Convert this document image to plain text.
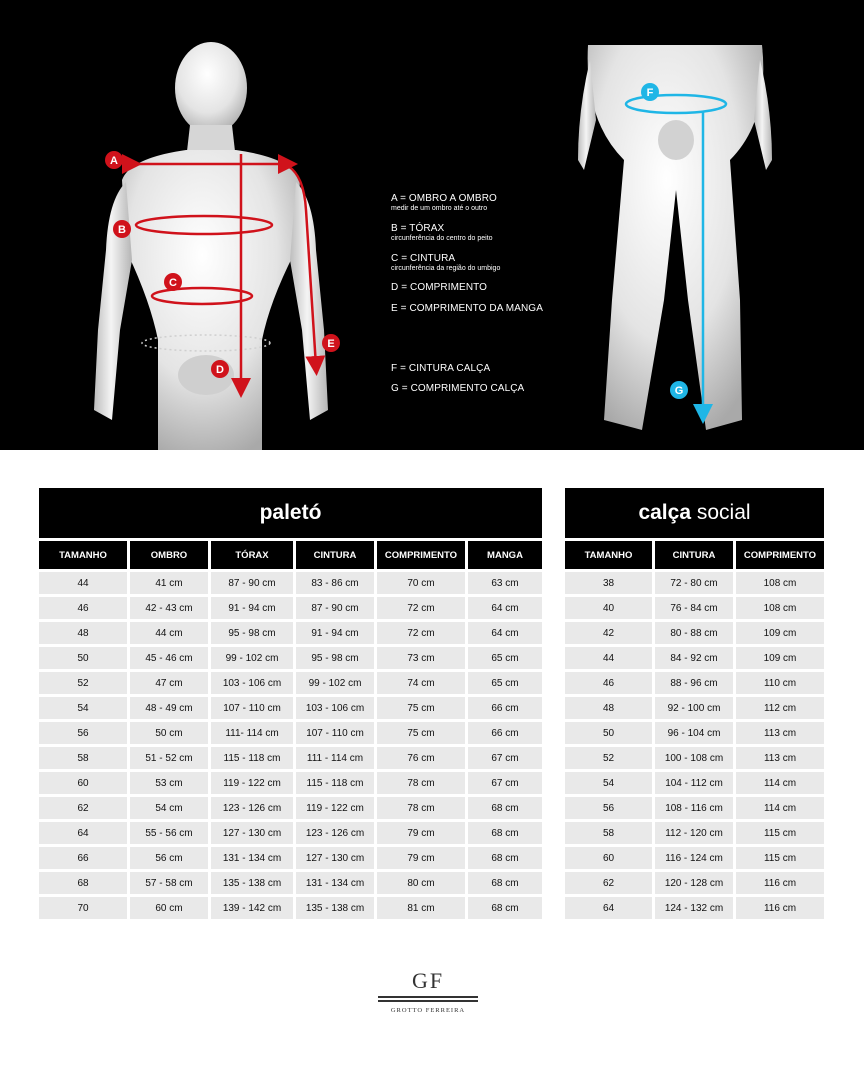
A
B
C
D
E
F
G
A = OMBRO A OMBRO
medir de um ombro até o outro
B = TÓRAX
circunferência do centro do peito
C = CINTURA
circunferência da região do umbigo
D = COMPRIMENTO
E = COMPRIMENTO DA MANGA
F = CINTURA CALÇA
G = COMPRIMENTO CALÇA
paletó					
TAMANHO	OMBRO	TÓRAX	CINTURA	COMPRIMENTO	MANGA
44	41 cm	87 - 90 cm	83 - 86 cm	70 cm	63 cm
46	42 - 43 cm	91 - 94 cm	87 - 90 cm	72 cm	64 cm
48	44 cm	95 - 98 cm	91 - 94 cm	72 cm	64 cm
50	45 - 46 cm	99 - 102 cm	95 - 98 cm	73 cm	65 cm
52	47 cm	103 - 106 cm	99 - 102 cm	74 cm	65 cm
54	48 - 49 cm	107 - 110 cm	103 - 106 cm	75 cm	66 cm
56	50 cm	111- 114 cm	107 - 110 cm	75 cm	66 cm
58	51 - 52 cm	115 - 118 cm	111 - 114 cm	76 cm	67 cm
60	53 cm	119 - 122 cm	115 - 118 cm	78 cm	67 cm
62	54 cm	123 - 126 cm	119 - 122 cm	78 cm	68 cm
64	55 - 56 cm	127 - 130 cm	123 - 126 cm	79 cm	68 cm
66	56 cm	131 - 134 cm	127 - 130 cm	79 cm	68 cm
68	57 - 58 cm	135 - 138 cm	131 - 134 cm	80 cm	68 cm
70	60 cm	139 - 142 cm	135 - 138 cm	81 cm	68 cm
calça social		
TAMANHO	CINTURA	COMPRIMENTO
38	72 - 80 cm	108 cm
40	76 - 84 cm	108 cm
42	80 - 88 cm	109 cm
44	84 - 92 cm	109 cm
46	88 - 96 cm	110 cm
48	92 - 100 cm	112 cm
50	96 - 104 cm	113 cm
52	100 - 108 cm	113 cm
54	104 - 112 cm	114 cm
56	108 - 116 cm	114 cm
58	112 - 120 cm	115 cm
60	116 - 124 cm	115 cm
62	120 - 128 cm	116 cm
64	124 - 132 cm	116 cm
GF
GROTTO FERREIRA
